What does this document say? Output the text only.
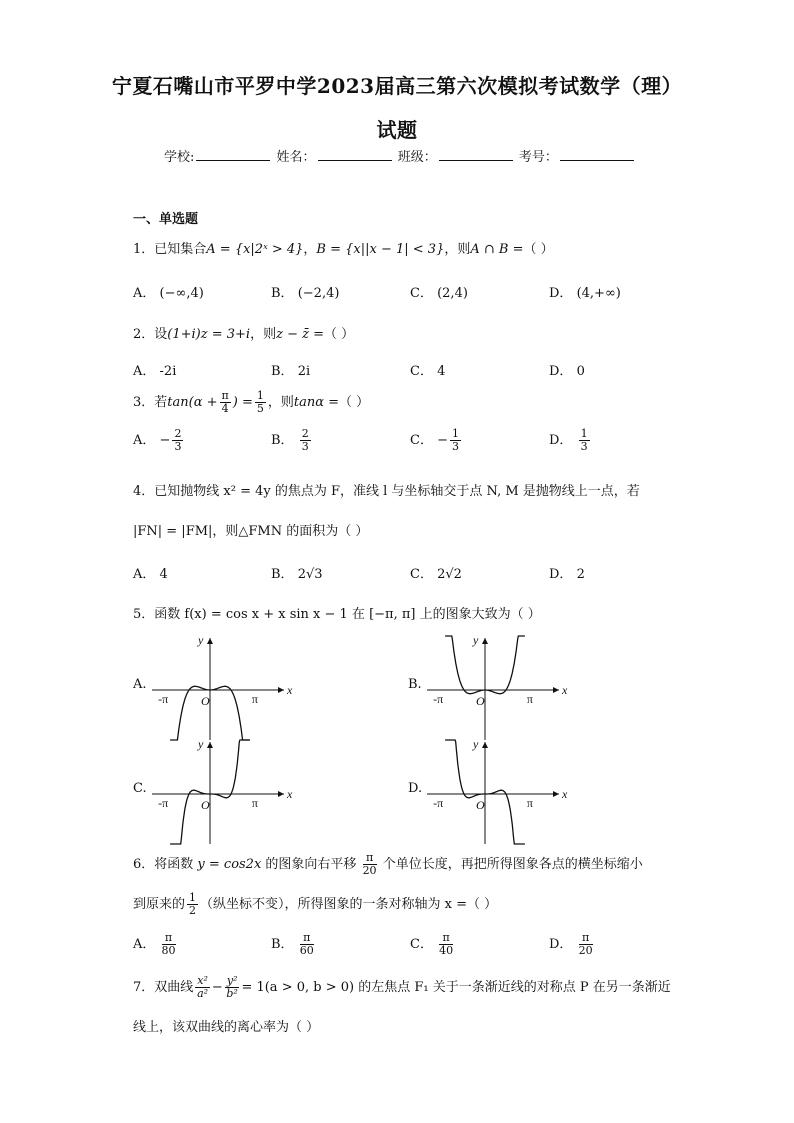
宁夏石嘴山市平罗中学2023届高三第六次模拟考试数学（理）
试题
学校:	姓名：	班级：	考号：
一、单选题
1．已知集合A = {x|2ˣ > 4}，B = {x||x − 1| < 3}，则A ∩ B =（ ）
A． (−∞,4)	B． (−2,4)	C． (2,4)	D． (4,+∞)
2．设(1+i)z = 3+i，则z − z̄ =（ ）
A． -2i	B． 2i	C． 4	D． 0
3．若$\tan(\alpha + \frac{\pi}{4}$ ) = $\frac{1}{5}$ ，则tanα =（ ）
A． − $\frac{2}{3}$	B． $\frac{2}{3}$	C． − $\frac{1}{3}$	D． $\frac{1}{3}$
4．已知抛物线 x² = 4y 的焦点为 F，准线 l 与坐标轴交于点 N, M 是抛物线上一点，若
|FN| = |FM|，则△FMN 的面积为（ ）
A． 4	B． 2√3	C． 2√2	D． 2
5．函数 f(x) = cos x + x sin x − 1 在 [−π, π] 上的图象大致为（ ）
A.	x
y
O
-π	π
B.	x
y
O
-π	π
C.	x
y
O
-π	π
D.	x
y
O
-π	π
6．将函数 y = cos2x 的图象向右平移 $\frac{\pi}{20}$ 个单位长度，再把所得图象各点的横坐标缩小
到原来的 $\frac{1}{2}$ （纵坐标不变），所得图象的一条对称轴为 x =（ ）
A． $\frac{\pi}{80}$	B． $\frac{\pi}{60}$	C． $\frac{\pi}{40}$	D． $\frac{\pi}{20}$
7．双曲线 $\frac{\text{x²}}{\text{a²}} - \frac{\text{y²}}{\text{b²}} = 1(a > 0$, b > 0) 的左焦点 F₁ 关于一条渐近线的对称点 P 在另一条渐近
线上，该双曲线的离心率为（ ）
